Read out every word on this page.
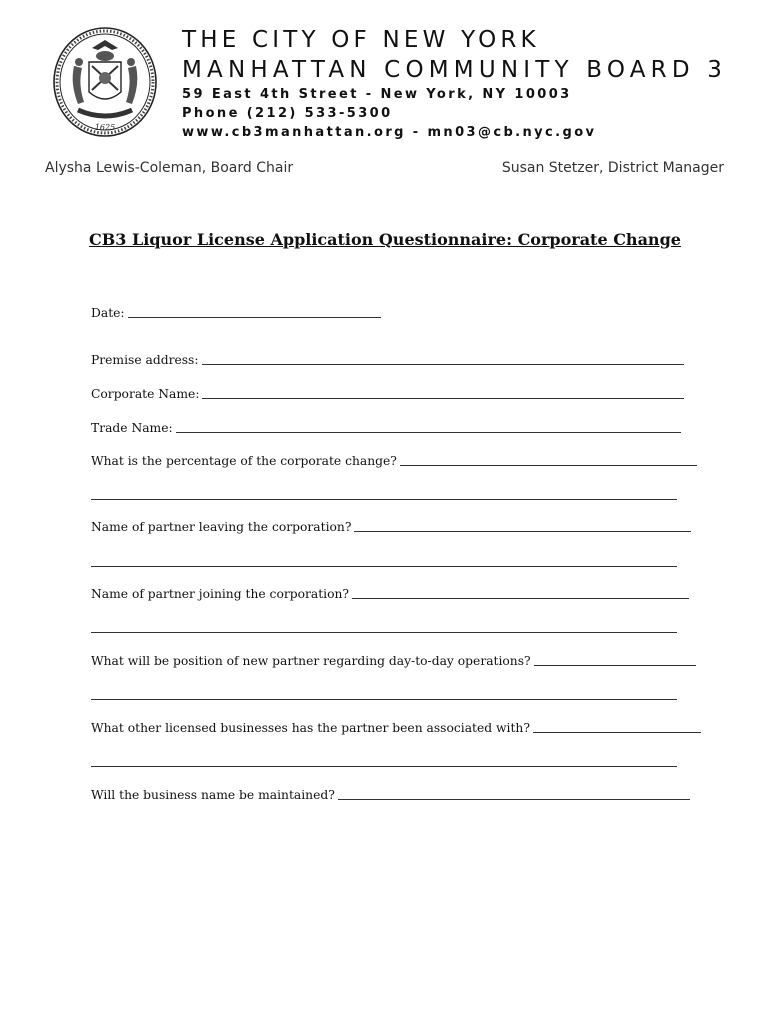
1625
THE CITY OF NEW YORK
MANHATTAN COMMUNITY BOARD 3
59 East 4th Street - New York, NY 10003
Phone (212) 533-5300
www.cb3manhattan.org - mn03@cb.nyc.gov
Alysha Lewis-Coleman, Board Chair	Susan Stetzer, District Manager
CB3 Liquor License Application Questionnaire: Corporate Change
Date:
Premise address:
Corporate Name:
Trade Name:
What is the percentage of the corporate change?
Name of partner leaving the corporation?
Name of partner joining the corporation?
What will be position of new partner regarding day-to-day operations?
What other licensed businesses has the partner been associated with?
Will the business name be maintained?
